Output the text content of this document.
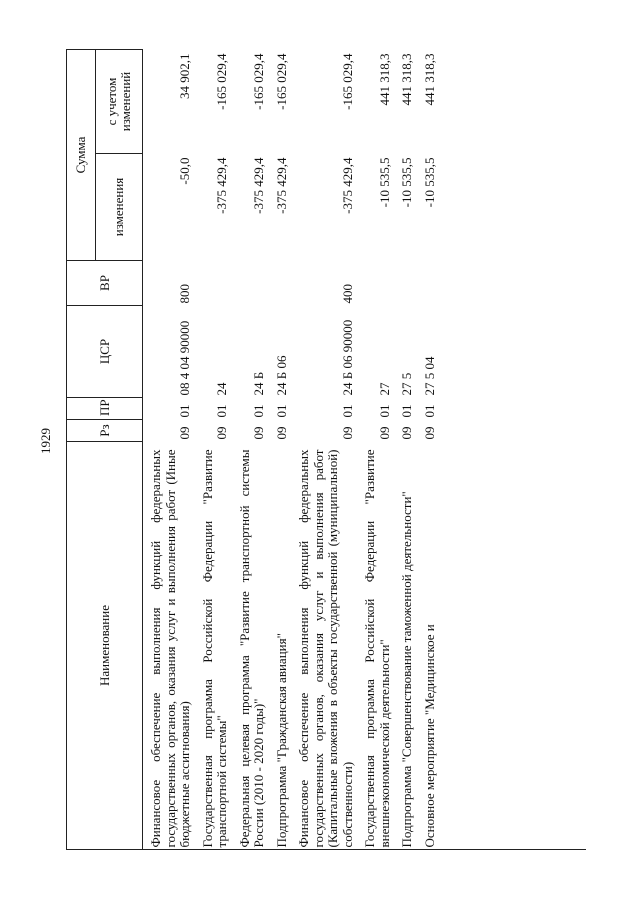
1929
Наименование	Рз	ПР	ЦСР	ВР	Сумма	
					изменения	с учетом изменений
Финансовое обеспечение выполнения функций федеральных государственных органов, оказания услуг и выполнения работ (Иные бюджетные ассигнования)	09	01	08 4 04 90000	800	-50,0	34 902,1
Государственная программа Российской Федерации "Развитие транспортной системы"	09	01	24		-375 429,4	-165 029,4
Федеральная целевая программа "Развитие транспортной системы России (2010 - 2020 годы)"	09	01	24 Б		-375 429,4	-165 029,4
Подпрограмма "Гражданская авиация"	09	01	24 Б 06		-375 429,4	-165 029,4
Финансовое обеспечение выполнения функций федеральных государственных органов, оказания услуг и выполнения работ (Капитальные вложения в объекты государственной (муниципальной) собственности)	09	01	24 Б 06 90000	400	-375 429,4	-165 029,4
Государственная программа Российской Федерации "Развитие внешнеэкономической деятельности"	09	01	27		-10 535,5	441 318,3
Подпрограмма "Совершенствование таможенной деятельности"	09	01	27 5		-10 535,5	441 318,3
Основное мероприятие "Медицинское и	09	01	27 5 04		-10 535,5	441 318,3
